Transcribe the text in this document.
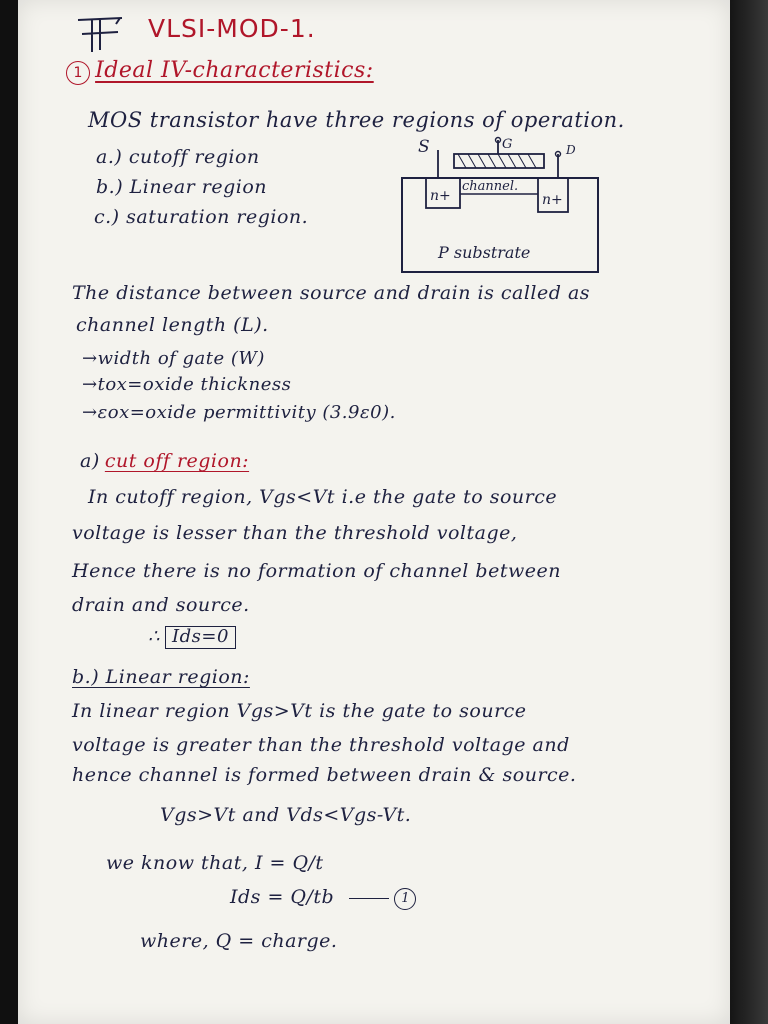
VLSI-MOD-1.
1 Ideal IV-characteristics:
MOS transistor have three regions of operation.
a.) cutoff region
b.) Linear region
c.) saturation region.
S	G	D
n+
channel.
n+
P substrate
The distance between source and drain is called as
channel length (L).
→width of gate (W)
→tox=oxide thickness
→εox=oxide permittivity (3.9ε0).
a) cut off region:
In cutoff region, Vgs<Vt i.e the gate to source
voltage is lesser than the threshold voltage,
Hence there is no formation of channel between
drain and source.
∴ Ids=0
b.) Linear region:
In linear region Vgs>Vt is the gate to source
voltage is greater than the threshold voltage and
hence channel is formed between drain & source.
Vgs>Vt and Vds<Vgs-Vt.
we know that, I = Q/t
Ids = Q/tb	1
where, Q = charge.
